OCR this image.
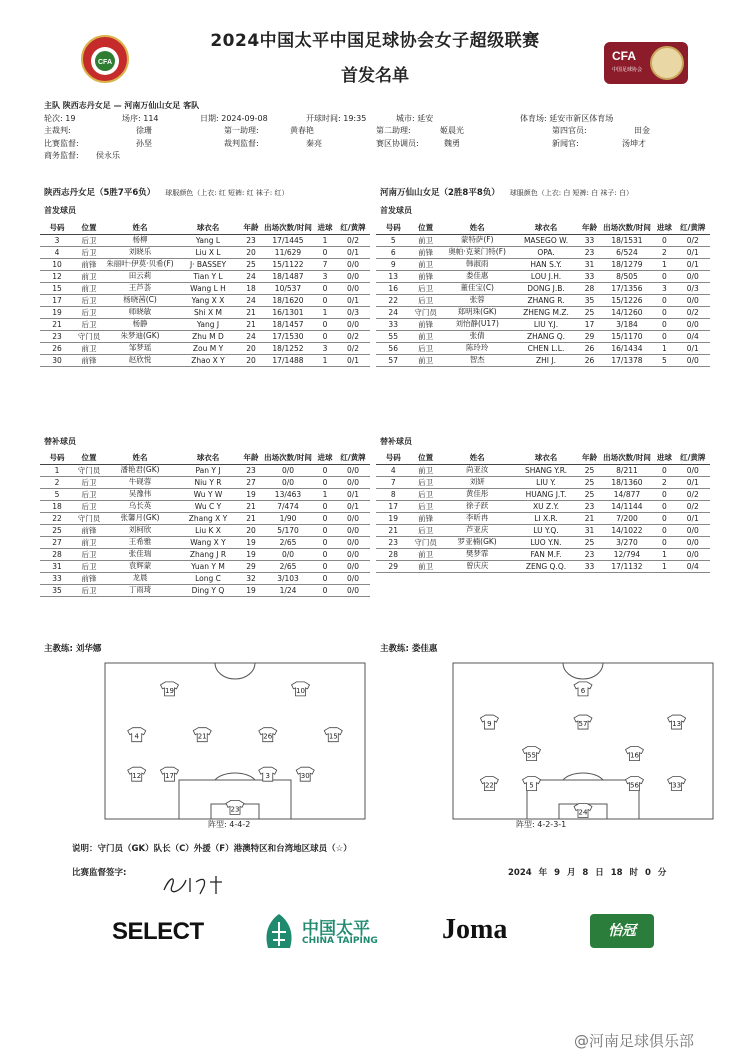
2024中国太平中国足球协会女子超级联赛
首发名单
CFA	CFA
中国足球协会
主队 陕西志丹女足 — 河南万仙山女足 客队
轮次: 19	场序: 114	日期: 2024-09-08	开球时间: 19:35	城市: 延安	体育场: 延安市新区体育场
主裁判:	徐珊	第一助理:	黄春艳	第二助理:	姬晨光	第四官员:	田金
比赛监督:	孙坚	裁判监督:	秦亮	赛区协调员:	魏勇	新闻官:	汤坤才
商务监督: 侯永乐
陕西志丹女足（5胜7平6负） 球服颜色（上衣: 红 短裤: 红 袜子: 红）	河南万仙山女足（2胜8平8负） 球服颜色（上衣: 白 短裤: 白 袜子: 白）
首发球员	首发球员
号码	位置	姓名	球衣名	年龄	出场次数/时间	进球	红/黄牌
3	后卫	杨柳	Yang L	23	17/1445	1	0/2
4	后卫	刘晓乐	Liu X L	20	11/629	0	0/1
10	前锋	朱丽叶·伊莫·贝希(F)	J· BASSEY	25	15/1122	7	0/0
12	前卫	田云莉	Tian Y L	24	18/1487	3	0/0
15	前卫	王芦荟	Wang L H	18	10/537	0	0/0
17	后卫	杨晓茜(C)	Yang X X	24	18/1620	0	0/1
19	后卫	师晓敏	Shi X M	21	16/1301	1	0/3
21	后卫	杨静	Yang J	21	18/1457	0	0/0
23	守门员	朱梦迪(GK)	Zhu M D	24	17/1530	0	0/2
26	前卫	邹梦瑶	Zou M Y	20	18/1252	3	0/2
30	前锋	赵欣悦	Zhao X Y	20	17/1488	1	0/1
号码	位置	姓名	球衣名	年龄	出场次数/时间	进球	红/黄牌
5	前卫	蒙特萨(F)	MASEGO W.	33	18/1531	0	0/2
6	前锋	奥帕·克莱门特(F)	OPA.	23	6/524	2	0/1
9	前卫	韩淑雨	HAN S.Y.	31	18/1279	1	0/1
13	前锋	娄佳惠	LOU J.H.	33	8/505	0	0/0
16	后卫	董佳宝(C)	DONG J.B.	28	17/1356	3	0/3
22	后卫	张蓉	ZHANG R.	35	15/1226	0	0/0
24	守门员	郑明珠(GK)	ZHENG M.Z.	25	14/1260	0	0/2
33	前锋	刘怡静(U17)	LIU Y.J.	17	3/184	0	0/0
55	前卫	张倩	ZHANG Q.	29	15/1170	0	0/4
56	后卫	陈玲玲	CHEN L.L.	26	16/1434	1	0/1
57	前卫	智杰	ZHI J.	26	17/1378	5	0/0
替补球员	替补球员
号码	位置	姓名	球衣名	年龄	出场次数/时间	进球	红/黄牌
1	守门员	潘艳君(GK)	Pan Y J	23	0/0	0	0/0
2	后卫	牛砚蓉	Niu Y R	27	0/0	0	0/0
5	后卫	吴豫伟	Wu Y W	19	13/463	1	0/1
18	后卫	乌长英	Wu C Y	21	7/474	0	0/1
22	守门员	张馨月(GK)	Zhang X Y	21	1/90	0	0/0
25	前锋	刘柯欣	Liu K X	20	5/170	0	0/0
27	前卫	王希雅	Wang X Y	19	2/65	0	0/0
28	后卫	张佳瑞	Zhang J R	19	0/0	0	0/0
31	后卫	袁辉蒙	Yuan Y M	29	2/65	0	0/0
33	前锋	龙晨	Long C	32	3/103	0	0/0
35	后卫	丁雨琦	Ding Y Q	19	1/24	0	0/0
号码	位置	姓名	球衣名	年龄	出场次数/时间	进球	红/黄牌
4	前卫	尚亚汝	SHANG Y.R.	25	8/211	0	0/0
7	后卫	刘妍	LIU Y.	25	18/1360	2	0/1
8	后卫	黄佳彤	HUANG J.T.	25	14/877	0	0/2
17	后卫	徐子跃	XU Z.Y.	23	14/1144	0	0/2
19	前锋	李昕冉	LI X.R.	21	7/200	0	0/1
21	后卫	芦亚庆	LU Y.Q.	31	14/1022	0	0/0
23	守门员	罗亚楠(GK)	LUO Y.N.	25	3/270	0	0/0
28	前卫	樊梦霏	FAN M.F.	23	12/794	1	0/0
29	前卫	曾庆庆	ZENG Q.Q.	33	17/1132	1	0/4
主教练: 刘华娜	主教练: 娄佳惠
19	10
4	21	26	15
12	17	3	30
23
6
9	57	13
55	16
22	5	56	33
24
阵型: 4-4-2	阵型: 4-2-3-1
说明：守门员（GK）队长（C）外援（F）港澳特区和台湾地区球员（☆）
比赛监督签字:	2024 年 9 月 8 日 18 时 0 分
SELECT	中国太平
CHINA TAIPING Joma	怡冠
@河南足球俱乐部
